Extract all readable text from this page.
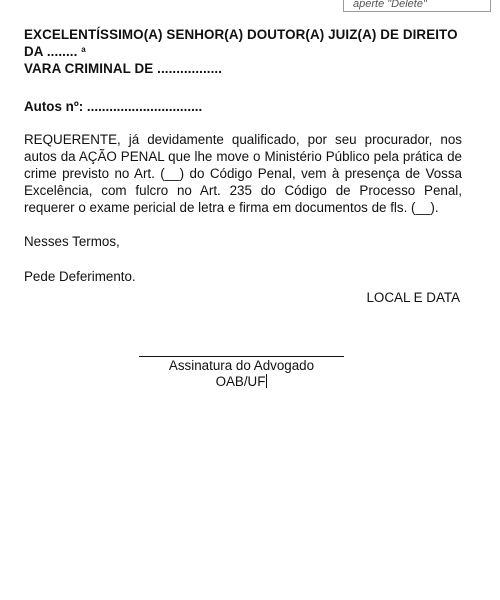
aperte "Delete"

EXCELENTÍSSIMO(A) SENHOR(A) DOUTOR(A) JUIZ(A) DE DIREITO DA ........ $^a$
VARA CRIMINAL DE .................

Autos nº: ...............................

REQUERENTE, já devidamente qualificado, por seu procurador, nos autos da AÇÃO PENAL que lhe move o Ministério Público pela prática de crime previsto no Art. (__) do Código Penal, vem à presença de Vossa Excelência, com fulcro no Art. 235 do Código de Processo Penal, requerer o exame pericial de letra e firma em documentos de fls. (__).

Nesses Termos,

Pede Deferimento.

LOCAL E DATA
Assinatura do Advogado
OAB/UF
